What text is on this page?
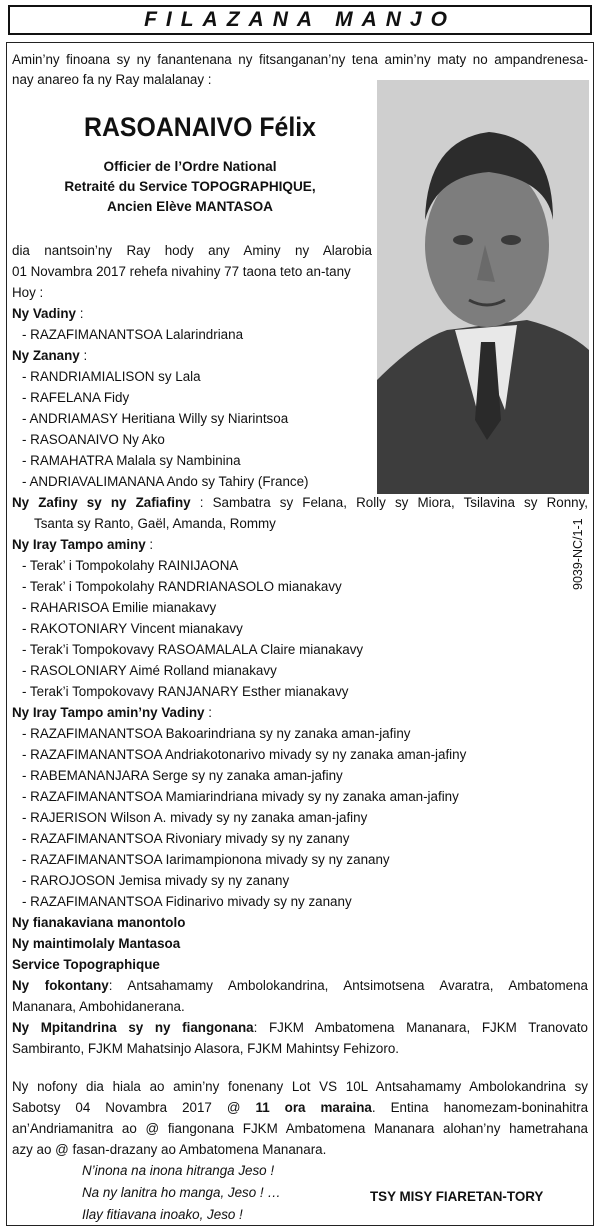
FILAZANA MANJO
Amin’ny finoana sy ny fanantenana ny fitsanganan’ny tena amin’ny maty no ampandrenesa-
nay anareo fa ny Ray malalanay :
RASOANAIVO Félix
Officier de l’Ordre National
Retraité du Service TOPOGRAPHIQUE,
Ancien Elève MANTASOA
dia nantsoin’ny Ray hody any Aminy ny Alarobia
01 Novambra 2017 rehefa nivahiny 77 taona teto an-tany
Hoy :
Ny Vadiny :
- RAZAFIMANANTSOA Lalarindriana
Ny Zanany :
- RANDRIAMIALISON sy Lala
- RAFELANA Fidy
- ANDRIAMASY Heritiana Willy sy Niarintsoa
- RASOANAIVO Ny Ako
- RAMAHATRA Malala sy Nambinina
- ANDRIAVALIMANANA Ando sy Tahiry (France)
Ny Zafiny sy ny Zafiafiny : Sambatra sy Felana, Rolly sy Miora, Tsilavina sy Ronny,
Tsanta sy Ranto, Gaël, Amanda, Rommy
Ny Iray Tampo aminy :
- Terak’ i Tompokolahy RAINIJAONA
- Terak’ i Tompokolahy RANDRIANASOLO mianakavy
- RAHARISOA Emilie mianakavy
- RAKOTONIARY Vincent mianakavy
- Terak’i Tompokovavy RASOAMALALA Claire mianakavy
- RASOLONIARY Aimé Rolland mianakavy
- Terak’i Tompokovavy RANJANARY Esther mianakavy
9039-NC/1-1
Ny Iray Tampo amin’ny Vadiny :
- RAZAFIMANANTSOA Bakoarindriana sy ny zanaka aman-jafiny
- RAZAFIMANANTSOA Andriakotonarivo mivady sy ny zanaka aman-jafiny
- RABEMANANJARA Serge sy ny zanaka aman-jafiny
- RAZAFIMANANTSOA Mamiarindriana mivady sy ny zanaka aman-jafiny
- RAJERISON Wilson A. mivady sy ny zanaka aman-jafiny
- RAZAFIMANANTSOA Rivoniary mivady sy ny zanany
- RAZAFIMANANTSOA Iarimampionona mivady sy ny zanany
- RAROJOSON Jemisa mivady sy ny zanany
- RAZAFIMANANTSOA Fidinarivo mivady sy ny zanany
Ny fianakaviana manontolo
Ny maintimolaly Mantasoa
Service Topographique
Ny fokontany: Antsahamamy Ambolokandrina, Antsimotsena Avaratra, Ambatomena
Mananara, Ambohidanerana.
Ny Mpitandrina sy ny fiangonana: FJKM Ambatomena Mananara, FJKM Tranovato
Sambiranto, FJKM Mahatsinjo Alasora, FJKM Mahintsy Fehizoro.
Ny nofony dia hiala ao amin’ny fonenany Lot VS 10L Antsahamamy Ambolokandrina sy
Sabotsy 04 Novambra 2017 @ 11 ora maraina. Entina hanomezam-boninahitra
an’Andriamanitra ao @ fiangonana FJKM Ambatomena Mananara alohan’ny hametrahana
azy ao @ fasan-drazany ao Ambatomena Mananara.
N’inona na inona hitranga Jeso !
Na ny lanitra ho manga, Jeso ! …
Ilay fitiavana inoako, Jeso !
TSY MISY FIARETAN-TORY
